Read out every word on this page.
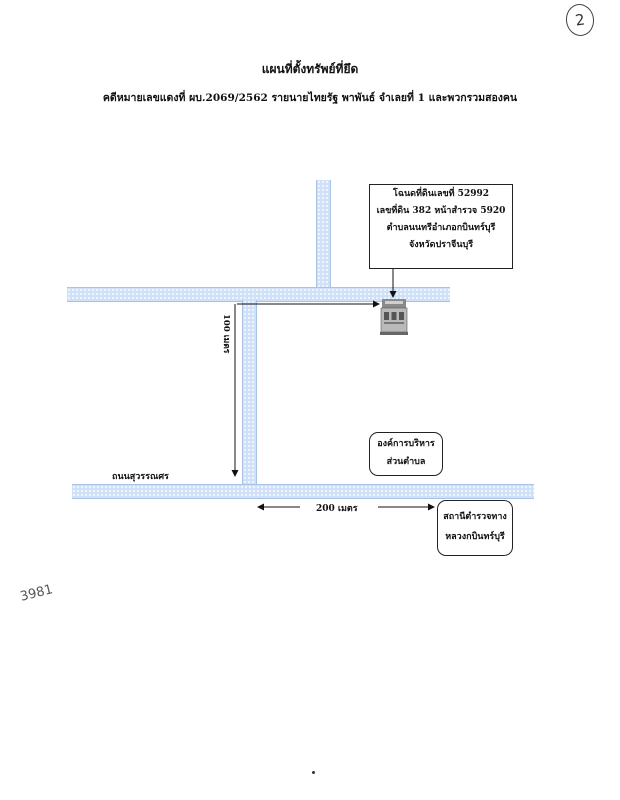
2
แผนที่ตั้งทรัพย์ที่ยึด
คดีหมายเลขแดงที่ ผบ.2069/2562 รายนายไทยรัฐ พาพันธ์ จำเลยที่ 1 และพวกรวมสองคน
โฉนดที่ดินเลขที่ 52992
เลขที่ดิน 382 หน้าสำรวจ 5920
ตำบลนนทรีอำเภอกบินทร์บุรี
จังหวัดปราจีนบุรี
ถนนสุวรรณศร
100 เมตร
200 เมตร
องค์การบริหาร
ส่วนตำบล
สถานีตำรวจทาง
หลวงกบินทร์บุรี
3981
